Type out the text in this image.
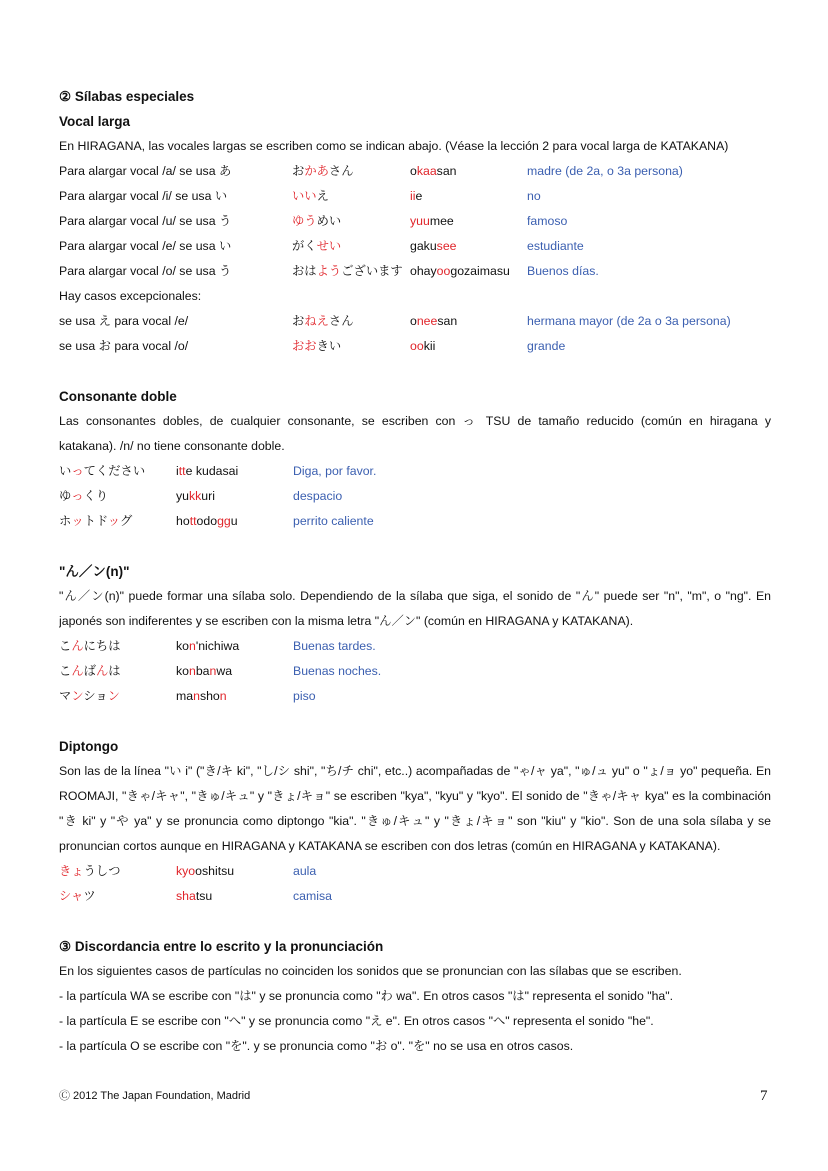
② Sílabas especiales
Vocal larga
En HIRAGANA, las vocales largas se escriben como se indican abajo. (Véase la lección 2 para vocal larga de KATAKANA)
Para alargar vocal /a/ se usa あ	おかあさん	okaasan	madre (de 2a, o 3a persona)
Para alargar vocal /i/ se usa い	いいえ	iie	no
Para alargar vocal /u/ se usa う	ゆうめい	yuumee	famoso
Para alargar vocal /e/ se usa い	がくせい	gakusee	estudiante
Para alargar vocal /o/ se usa う	おはようございます ohayoogozaimasu	Buenos días.
Hay casos excepcionales:
se usa え para vocal /e/	おねえさん	oneesan	hermana mayor (de 2a o 3a persona)
se usa お para vocal /o/	おおきい	ookii	grande
Consonante doble
Las consonantes dobles, de cualquier consonante, se escriben con っ TSU de tamaño reducido (común en hiragana y
katakana). /n/ no tiene consonante doble.
いってください	itte kudasai	Diga, por favor.
ゆっくり	yukkuri	despacio
ホットドッグ	hottodoggu	perrito caliente
"ん／ン(n)"
"ん／ン(n)" puede formar una sílaba solo. Dependiendo de la sílaba que siga, el sonido de "ん" puede ser "n", "m", o "ng". En
japonés son indiferentes y se escriben con la misma letra "ん／ン" (común en HIRAGANA y KATAKANA).
こんにちは	kon'nichiwa	Buenas tardes.
こんばんは	konbanwa	Buenas noches.
マンション	manshon	piso
Diptongo
Son las de la línea "い i" ("き/キ ki", "し/シ shi", "ち/チ chi", etc..) acompañadas de "ゃ/ャ ya", "ゅ/ュ yu" o "ょ/ョ yo" pequeña. En
ROOMAJI, "きゃ/キャ", "きゅ/キュ" y "きょ/キョ" se escriben "kya", "kyu" y "kyo". El sonido de "きゃ/キャ kya" es la combinación
"き ki" y "や ya" y se pronuncia como diptongo "kia". "きゅ/キュ" y "きょ/キョ" son "kiu" y "kio". Son de una sola sílaba y se
pronuncian cortos aunque en HIRAGANA y KATAKANA se escriben con dos letras (común en HIRAGANA y KATAKANA).
きょうしつ	kyooshitsu	aula
シャツ	shatsu	camisa
③ Discordancia entre lo escrito y la pronunciación
En los siguientes casos de partículas no coinciden los sonidos que se pronuncian con las sílabas que se escriben.
- la partícula WA se escribe con "は" y se pronuncia como "わ wa". En otros casos "は" representa el sonido "ha".
- la partícula E se escribe con "へ" y se pronuncia como "え e". En otros casos "へ" representa el sonido "he".
- la partícula O se escribe con "を". y se pronuncia como "お o". "を" no se usa en otros casos.
Ⓒ 2012 The Japan Foundation, Madrid	7
